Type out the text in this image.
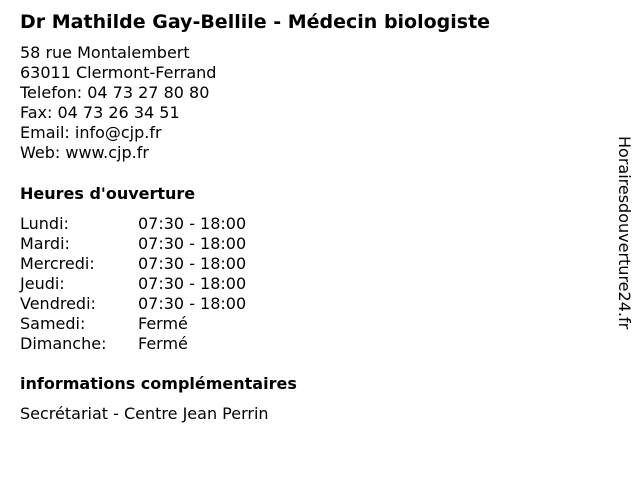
Dr Mathilde Gay-Bellile - Médecin biologiste
58 rue Montalembert
63011 Clermont-Ferrand
Telefon: 04 73 27 80 80
Fax: 04 73 26 34 51
Email: info@cjp.fr
Web: www.cjp.fr
Heures d'ouverture
Lundi:	07:30 - 18:00
Mardi:	07:30 - 18:00
Mercredi:	07:30 - 18:00
Jeudi:	07:30 - 18:00
Vendredi:	07:30 - 18:00
Samedi:	Fermé
Dimanche: Fermé
informations complémentaires
Secrétariat - Centre Jean Perrin
Horairesdouverture24.fr
